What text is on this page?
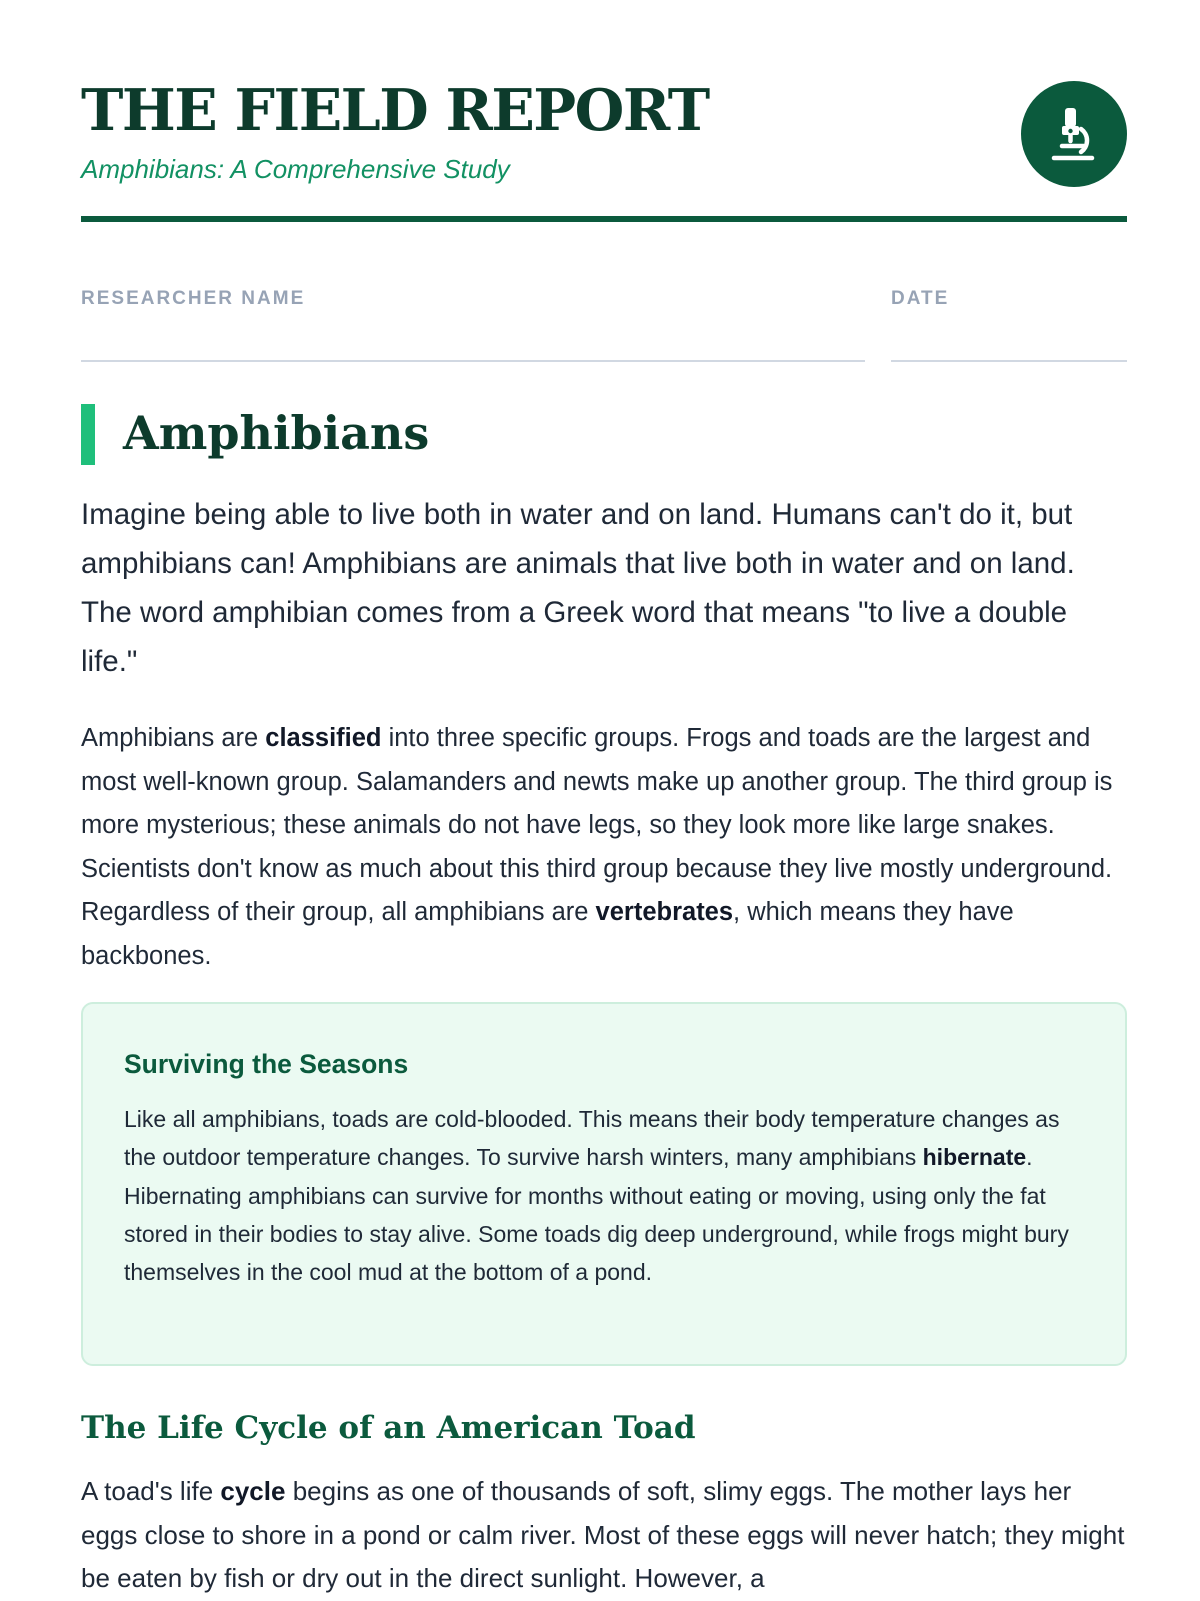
THE FIELD REPORT

Amphibians: A Comprehensive Study

RESEARCHER NAME	DATE
Amphibians

Imagine being able to live both in water and on land. Humans can't do it, but amphibians can! Amphibians are animals that live both in water and on land. The word amphibian comes from a Greek word that means "to live a double life."

Amphibians are classified into three specific groups. Frogs and toads are the largest and most well-known group. Salamanders and newts make up another group. The third group is more mysterious; these animals do not have legs, so they look more like large snakes. Scientists don't know as much about this third group because they live mostly underground. Regardless of their group, all amphibians are vertebrates, which means they have backbones.

Surviving the Seasons

Like all amphibians, toads are cold-blooded. This means their body temperature changes as the outdoor temperature changes. To survive harsh winters, many amphibians hibernate. Hibernating amphibians can survive for months without eating or moving, using only the fat stored in their bodies to stay alive. Some toads dig deep underground, while frogs might bury themselves in the cool mud at the bottom of a pond.

The Life Cycle of an American Toad

A toad's life cycle begins as one of thousands of soft, slimy eggs. The mother lays her eggs close to shore in a pond or calm river. Most of these eggs will never hatch; they might be eaten by fish or dry out in the direct sunlight. However, a
